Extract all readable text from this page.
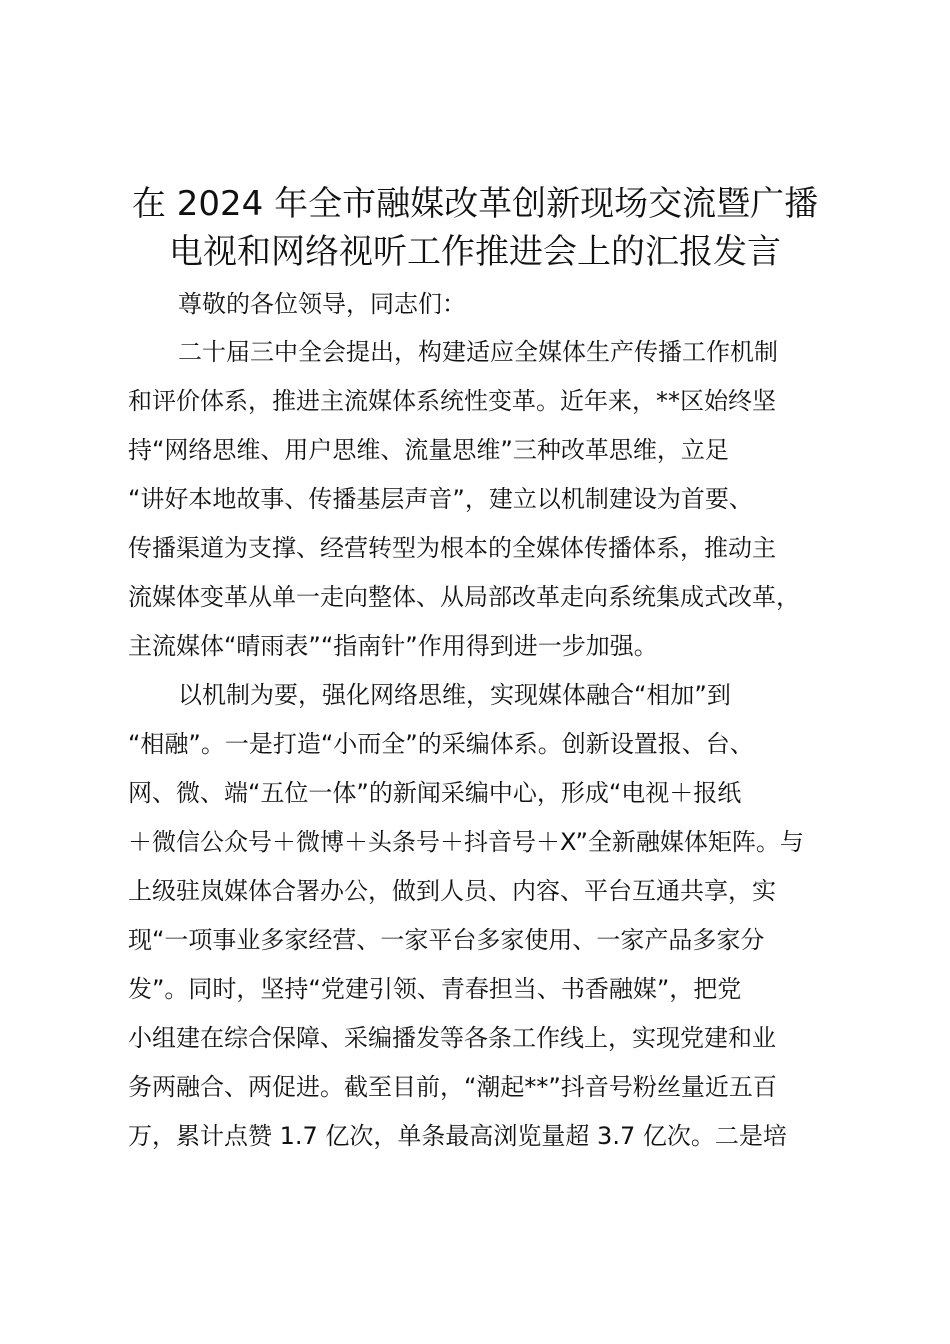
在 2024 年全市融媒改革创新现场交流暨广播
电视和网络视听工作推进会上的汇报发言
尊敬的各位领导，同志们：
二十届三中全会提出，构建适应全媒体生产传播工作机制
和评价体系，推进主流媒体系统性变革。近年来，**区始终坚
持“网络思维、用户思维、流量思维”三种改革思维，立足
“讲好本地故事、传播基层声音”，建立以机制建设为首要、
传播渠道为支撑、经营转型为根本的全媒体传播体系，推动主
流媒体变革从单一走向整体、从局部改革走向系统集成式改革，
主流媒体“晴雨表”“指南针”作用得到进一步加强。
以机制为要，强化网络思维，实现媒体融合“相加”到
“相融”。一是打造“小而全”的采编体系。创新设置报、台、
网、微、端“五位一体”的新闻采编中心，形成“电视＋报纸
＋微信公众号＋微博＋头条号＋抖音号＋X”全新融媒体矩阵。与
上级驻岚媒体合署办公，做到人员、内容、平台互通共享，实
现“一项事业多家经营、一家平台多家使用、一家产品多家分
发”。同时，坚持“党建引领、青春担当、书香融媒”，把党
小组建在综合保障、采编播发等各条工作线上，实现党建和业
务两融合、两促进。截至目前，“潮起**”抖音号粉丝量近五百
万，累计点赞 1.7 亿次，单条最高浏览量超 3.7 亿次。二是培
